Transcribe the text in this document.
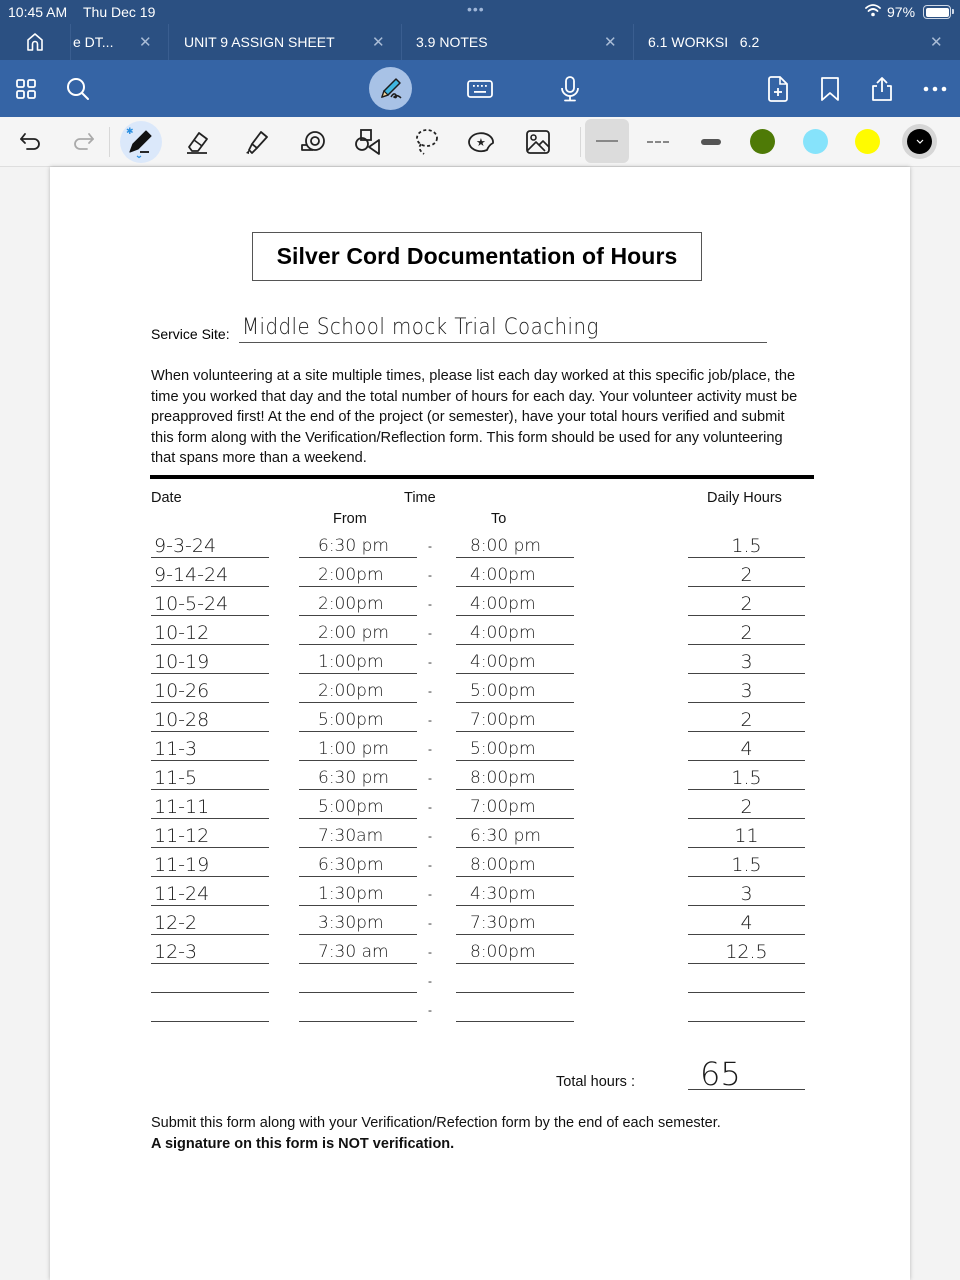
10:45 AM Thu Dec 19	•••	97%
e DT... ✕ UNIT 9 ASSIGN SHEET ✕ 3.9 NOTES	✕ 6.1 WORKSI   6.2	✕
✱
★
Silver Cord Documentation of Hours
Service Site: Middle School mock Trial Coaching

When volunteering at a site multiple times, please list each day worked at this specific job/place, the time you worked that day and the total number of hours for each day. Your volunteer activity must be preapproved first! At the end of the project (or semester), have your total hours verified and submit this form along with the Verification/Reflection form. This form should be used for any volunteering that spans more than a weekend.

Date	Time	Daily Hours
From	To
9-3-24	6:30 pm	- 8:00 pm	1.5
9-14-24	2:00pm	- 4:00pm	2
10-5-24	2:00pm	- 4:00pm	2
10-12	2:00 pm	- 4:00pm	2
10-19	1:00pm	- 4:00pm	3
10-26	2:00pm	- 5:00pm	3
10-28	5:00pm	- 7:00pm	2
11-3	1:00 pm	- 5:00pm	4
11-5	6:30 pm	- 8:00pm	1.5
11-11	5:00pm	- 7:00pm	2
11-12	7:30am	- 6:30 pm	11
11-19	6:30pm	- 8:00pm	1.5
11-24	1:30pm	- 4:30pm	3
12-2	3:30pm	- 7:30pm	4
12-3	7:30 am	- 8:00pm	12.5
-
-
Total hours : 65

Submit this form along with your Verification/Refection form by the end of each semester.

A signature on this form is NOT verification.
